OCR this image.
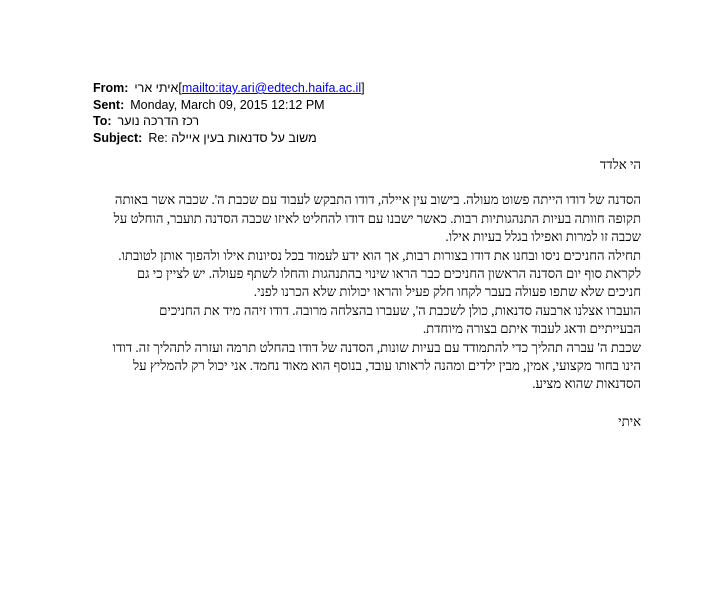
From: איתי ארי[mailto:itay.ari@edtech.haifa.ac.il]
Sent: Monday, March 09, 2015 12:12 PM
To: רכז הדרכה נוער
Subject: Re: משוב על סדנאות בעין איילה

הי אלדד

הסדנה של דודו הייתה פשוט מעולה. בישוב עין איילה, דודו התבקש לעבוד עם שכבת ה'. שכבה אשר באותה תקופה חוותה בעיות התנהגותיות רבות. כאשר ישבנו עם דודו להחליט לאיזו שכבה הסדנה תועבר, הוחלט על שכבה זו למרות ואפילו בגלל בעיות אילו.

תחילה החניכים ניסו ובחנו את דודו בצורות רבות, אך הוא ידע לעמוד בכל נסיונות אילו ולהפוך אותן לטובתו. לקראת סוף יום הסדנה הראשון החניכים כבר הראו שינוי בהתנהגות והחלו לשתף פעולה. יש לציין כי גם חניכים שלא שתפו פעולה בעבר לקחו חלק פעיל והראו יכולות שלא הכרנו לפני.

הועברו אצלנו ארבעה סדנאות, כולן לשכבת ה', שעברו בהצלחה מרובה. דודו זיהה מיד את החניכים הבעייתיים ודאג לעבוד איתם בצורה מיוחדת.

שכבת ה' עברה תהליך כדי להתמודד עם בעיות שונות, הסדנה של דודו בהחלט תרמה ועזרה לתהליך זה. דודו הינו בחור מקצועי, אמין, מבין ילדים ומהנה לראותו עובד, בנוסף הוא מאוד נחמד. אני יכול רק להמליץ על הסדנאות שהוא מציע.

איתי
